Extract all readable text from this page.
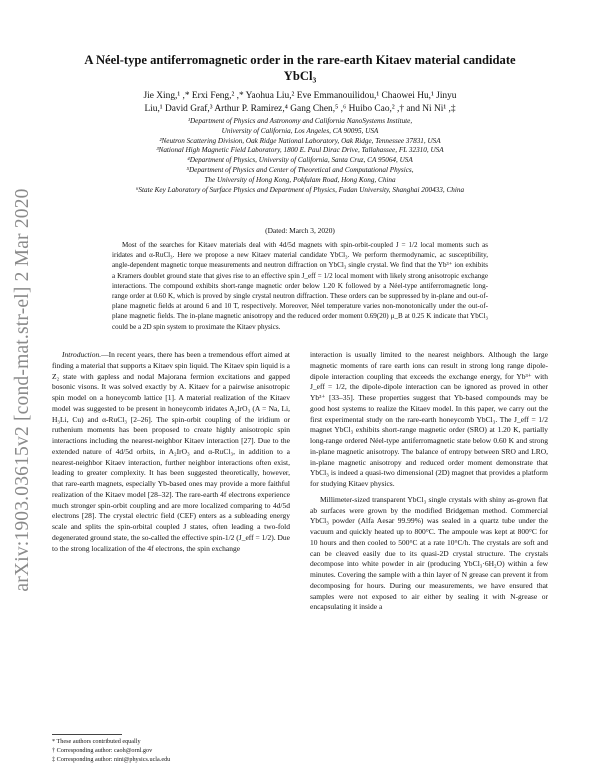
arXiv:1903.03615v2 [cond-mat.str-el] 2 Mar 2020
A Néel-type antiferromagnetic order in the rare-earth Kitaev material candidate
YbCl₃
Jie Xing,¹ ,* Erxi Feng,² ,* Yaohua Liu,² Eve Emmanouilidou,¹ Chaowei Hu,¹ Jinyu
Liu,¹ David Graf,³ Arthur P. Ramirez,⁴ Gang Chen,⁵ ,⁶ Huibo Cao,² ,† and Ni Ni¹ ,‡
¹Department of Physics and Astronomy and California NanoSystems Institute,
University of California, Los Angeles, CA 90095, USA
²Neutron Scattering Division, Oak Ridge National Laboratory, Oak Ridge, Tennessee 37831, USA
³National High Magnetic Field Laboratory, 1800 E. Paul Dirac Drive, Tallahassee, FL 32310, USA
⁴Department of Physics, University of California, Santa Cruz, CA 95064, USA
⁵Department of Physics and Center of Theoretical and Computational Physics,
The University of Hong Kong, Pokfulam Road, Hong Kong, China
⁶State Key Laboratory of Surface Physics and Department of Physics, Fudan University, Shanghai 200433, China
(Dated: March 3, 2020)
Most of the searches for Kitaev materials deal with 4d/5d magnets with spin-orbit-coupled J = 1/2 local moments such as iridates and α-RuCl₃. Here we propose a new Kitaev material candidate YbCl₃. We perform thermodynamic, ac susceptibility, angle-dependent magnetic torque measurements and neutron diffraction on YbCl₃ single crystal. We find that the Yb³⁺ ion exhibits a Kramers doublet ground state that gives rise to an effective spin J_eff = 1/2 local moment with likely strong anisotropic exchange interactions. The compound exhibits short-range magnetic order below 1.20 K followed by a Néel-type antiferromagnetic long-range order at 0.60 K, which is proved by single crystal neutron diffraction. These orders can be suppressed by in-plane and out-of-plane magnetic fields at around 6 and 10 T, respectively. Moreover, Néel temperature varies non-monotonically under the out-of-plane magnetic fields. The in-plane magnetic anisotropy and the reduced order moment 0.69(20) μ_B at 0.25 K indicate that YbCl₃ could be a 2D spin system to proximate the Kitaev physics.

Introduction.—In recent years, there has been a tremendous effort aimed at finding a material that supports a Kitaev spin liquid. The Kitaev spin liquid is a Z₂ state with gapless and nodal Majorana fermion excitations and gapped bosonic visons. It was solved exactly by A. Kitaev for a pairwise anisotropic spin model on a honeycomb lattice [1]. A material realization of the Kitaev model was suggested to be present in honeycomb iridates A₂IrO₃ (A = Na, Li, H₃Li, Cu) and α-RuCl₃ [2–26]. The spin-orbit coupling of the iridium or ruthenium moments has been proposed to create highly anisotropic spin interactions including the nearest-neighbor Kitaev interaction [27]. Due to the extended nature of 4d/5d orbits, in A₂IrO₃ and α-RuCl₃, in addition to a nearest-neighbor Kitaev interaction, further neighbor interactions often exist, leading to greater complexity. It has been suggested theoretically, however, that rare-earth magnets, especially Yb-based ones may provide a more faithful realization of the Kitaev model [28–32]. The rare-earth 4f electrons experience much stronger spin-orbit coupling and are more localized comparing to 4d/5d electrons [28]. The crystal electric field (CEF) enters as a subleading energy scale and splits the spin-orbital coupled J states, often leading a two-fold degenerated ground state, the so-called the effective spin-1/2 (J_eff = 1/2). Due to the strong localization of the 4f electrons, the spin exchange

interaction is usually limited to the nearest neighbors. Although the large magnetic moments of rare earth ions can result in strong long range dipole-dipole interaction coupling that exceeds the exchange energy, for Yb³⁺ with J_eff = 1/2, the dipole-dipole interaction can be ignored as proved in other Yb³⁺ [33–35]. These properties suggest that Yb-based compounds may be good host systems to realize the Kitaev model. In this paper, we carry out the first experimental study on the rare-earth honeycomb YbCl₃. The J_eff = 1/2 magnet YbCl₃ exhibits short-range magnetic order (SRO) at 1.20 K, partially long-range ordered Néel-type antiferromagnetic state below 0.60 K and strong in-plane magnetic anisotropy. The balance of entropy between SRO and LRO, in-plane magnetic anisotropy and reduced order moment demonstrate that YbCl₃ is indeed a quasi-two dimensional (2D) magnet that provides a platform for studying Kitaev physics.

Millimeter-sized transparent YbCl₃ single crystals with shiny as-grown flat ab surfaces were grown by the modified Bridgeman method. Commercial YbCl₃ powder (Alfa Aesar 99.99%) was sealed in a quartz tube under the vacuum and quickly heated up to 800°C. The ampoule was kept at 800°C for 10 hours and then cooled to 500°C at a rate 10°C/h. The crystals are soft and can be cleaved easily due to its quasi-2D crystal structure. The crystals decompose into white powder in air (producing YbCl₃·6H₂O) within a few minutes. Covering the sample with a thin layer of N grease can prevent it from decomposing for hours. During our measurements, we have ensured that samples were not exposed to air either by sealing it with N-grease or encapsulating it inside a

* These authors contributed equally
† Corresponding author: caoh@ornl.gov
‡ Corresponding author: nini@physics.ucla.edu
